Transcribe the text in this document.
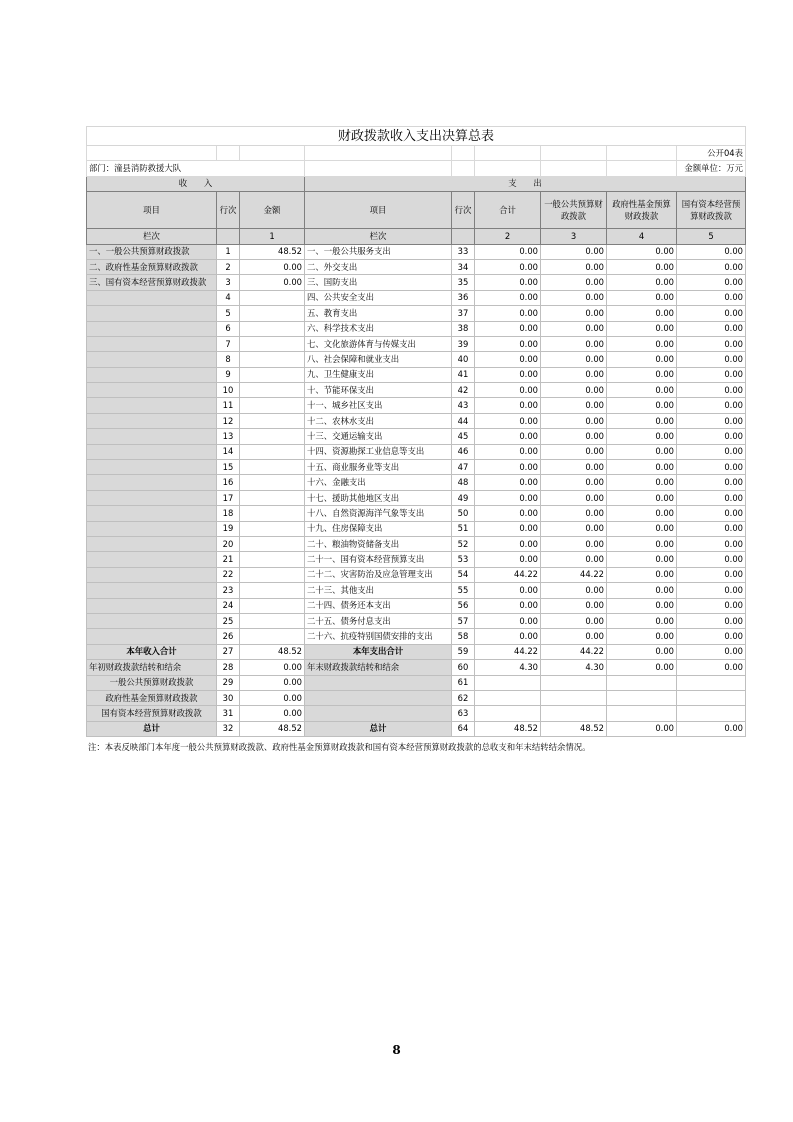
财政拨款收入支出决算总表								
								公开04表
部门：潼县消防救援大队								金额单位：万元
收　　入			支　　出					
项目	行次	金额	项目	行次	合计	一般公共预算财政拨款	政府性基金预算财政拨款	国有资本经营预算财政拨款
栏次		1	栏次		2	3	4	5
一、一般公共预算财政拨款	1	48.52	一、一般公共服务支出	33	0.00	0.00	0.00	0.00
二、政府性基金预算财政拨款	2	0.00	二、外交支出	34	0.00	0.00	0.00	0.00
三、国有资本经营预算财政拨款	3	0.00	三、国防支出	35	0.00	0.00	0.00	0.00
	4		四、公共安全支出	36	0.00	0.00	0.00	0.00
	5		五、教育支出	37	0.00	0.00	0.00	0.00
	6		六、科学技术支出	38	0.00	0.00	0.00	0.00
	7		七、文化旅游体育与传媒支出	39	0.00	0.00	0.00	0.00
	8		八、社会保障和就业支出	40	0.00	0.00	0.00	0.00
	9		九、卫生健康支出	41	0.00	0.00	0.00	0.00
	10		十、节能环保支出	42	0.00	0.00	0.00	0.00
	11		十一、城乡社区支出	43	0.00	0.00	0.00	0.00
	12		十二、农林水支出	44	0.00	0.00	0.00	0.00
	13		十三、交通运输支出	45	0.00	0.00	0.00	0.00
	14		十四、资源勘探工业信息等支出	46	0.00	0.00	0.00	0.00
	15		十五、商业服务业等支出	47	0.00	0.00	0.00	0.00
	16		十六、金融支出	48	0.00	0.00	0.00	0.00
	17		十七、援助其他地区支出	49	0.00	0.00	0.00	0.00
	18		十八、自然资源海洋气象等支出	50	0.00	0.00	0.00	0.00
	19		十九、住房保障支出	51	0.00	0.00	0.00	0.00
	20		二十、粮油物资储备支出	52	0.00	0.00	0.00	0.00
	21		二十一、国有资本经营预算支出	53	0.00	0.00	0.00	0.00
	22		二十二、灾害防治及应急管理支出	54	44.22	44.22	0.00	0.00
	23		二十三、其他支出	55	0.00	0.00	0.00	0.00
	24		二十四、债务还本支出	56	0.00	0.00	0.00	0.00
	25		二十五、债务付息支出	57	0.00	0.00	0.00	0.00
	26		二十六、抗疫特别国债安排的支出	58	0.00	0.00	0.00	0.00
本年收入合计	27	48.52	本年支出合计	59	44.22	44.22	0.00	0.00
年初财政拨款结转和结余	28	0.00	年末财政拨款结转和结余	60	4.30	4.30	0.00	0.00
一般公共预算财政拨款	29	0.00		61				
政府性基金预算财政拨款	30	0.00		62				
国有资本经营预算财政拨款	31	0.00		63				
总计	32	48.52	总计	64	48.52	48.52	0.00	0.00
注：本表反映部门本年度一般公共预算财政拨款、政府性基金预算财政拨款和国有资本经营预算财政拨款的总收支和年末结转结余情况。
8
